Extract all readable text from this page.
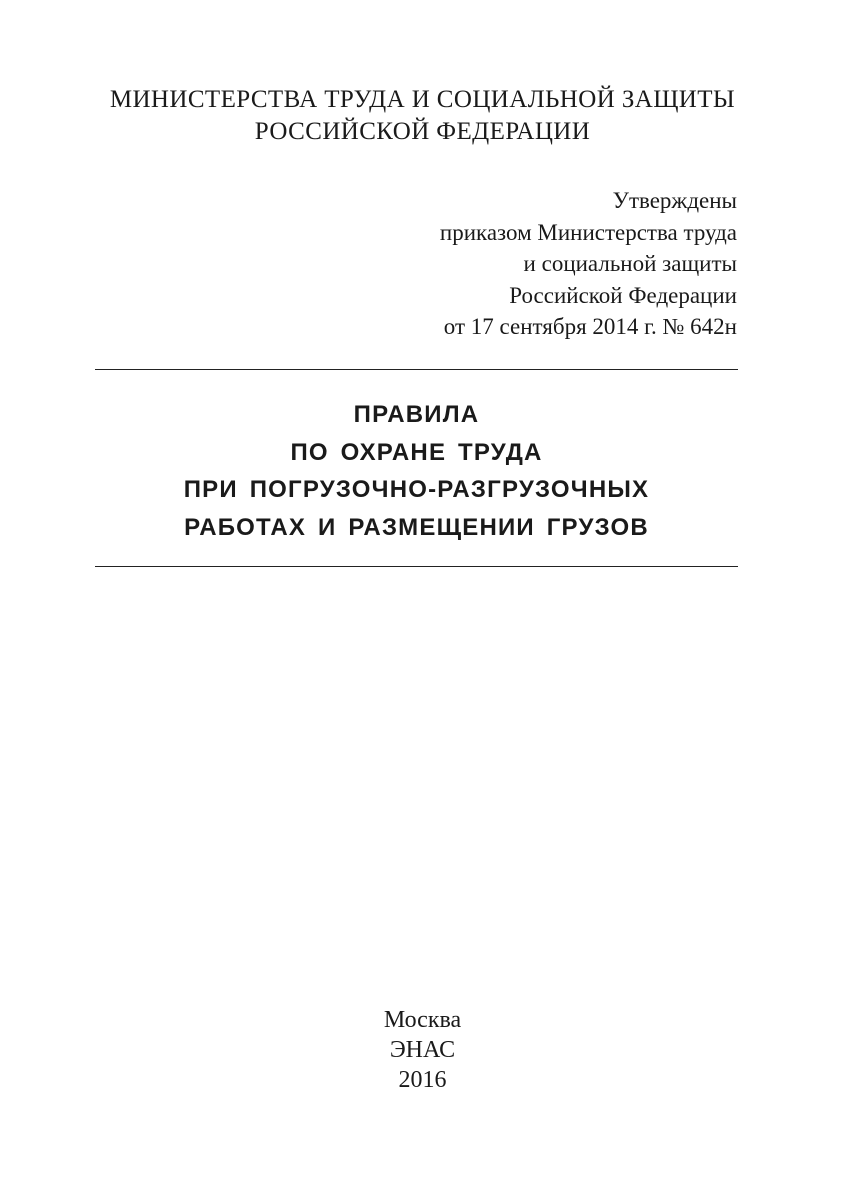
МИНИСТЕРСТВА ТРУДА И СОЦИАЛЬНОЙ ЗАЩИТЫ
РОССИЙСКОЙ ФЕДЕРАЦИИ
Утверждены
приказом Министерства труда
и социальной защиты
Российской Федерации
от 17 сентября 2014 г. № 642н
ПРАВИЛА
ПО ОХРАНЕ ТРУДА
ПРИ ПОГРУЗОЧНО-РАЗГРУЗОЧНЫХ
РАБОТАХ И РАЗМЕЩЕНИИ ГРУЗОВ
Москва
ЭНАС
2016
